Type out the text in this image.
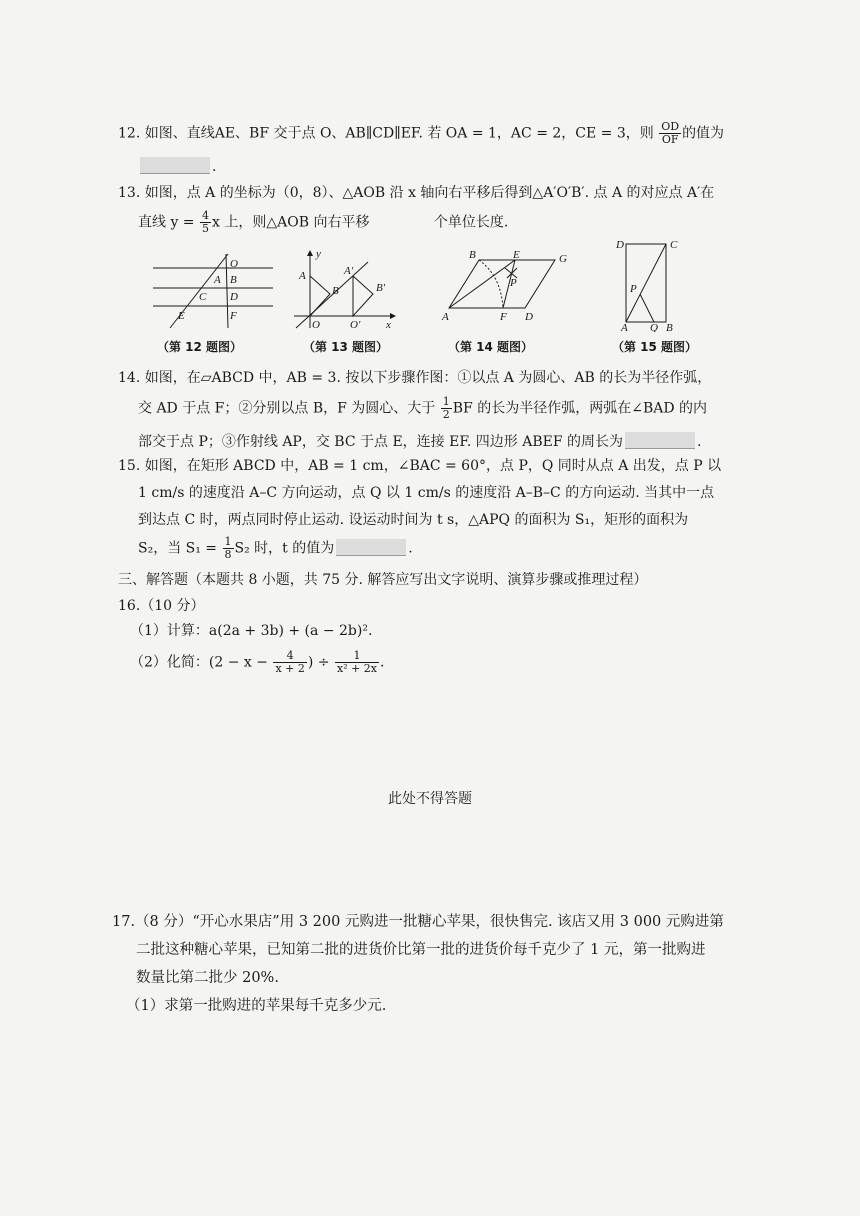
12. 如图、直线AE、BF 交于点 O、AB∥CD∥EF. 若 OA = 1，AC = 2，CE = 3，则 $\frac{OD}{OF}$ 的值为
.
13. 如图，点 A 的坐标为（0，8）、△AOB 沿 x 轴向右平移后得到△A′O′B′. 点 A 的对应点 A′在
直线 $y = \frac{4}{5}$ x 上，则△AOB 向右平移	个单位长度.
O
A B
C D
E	F
（第 12 题图）
y
A
B
A′
B′
O	O′ x
（第 13 题图）
B	E	G
P
A	F D
（第 14 题图）
D	C
P
A Q B
（第 15 题图）
14. 如图，在▱ABCD 中，AB = 3. 按以下步骤作图：①以点 A 为圆心、AB 的长为半径作弧，
交 AD 于点 F；②分别以点 B，F 为圆心、大于 $\frac{1}{2}$ BF 的长为半径作弧，两弧在∠BAD 的内
部交于点 P；③作射线 AP，交 BC 于点 E，连接 EF. 四边形 ABEF 的周长为	.
15. 如图，在矩形 ABCD 中，AB = 1 cm，∠BAC = 60°，点 P，Q 同时从点 A 出发，点 P 以
1 cm/s 的速度沿 A–C 方向运动，点 Q 以 1 cm/s 的速度沿 A–B–C 的方向运动. 当其中一点
到达点 C 时，两点同时停止运动. 设运动时间为 t s，△APQ 的面积为 S₁，矩形的面积为
S₂，当 $S_1 = \frac{1}{8} S_2$ 时，t 的值为	.
三、解答题（本题共 8 小题，共 75 分. 解答应写出文字说明、演算步骤或推理过程）
16.（10 分）
（1）计算：a(2a + 3b) + (a − 2b)².
（2）化简：($2 - x - \frac{4}{x + 2}$ ) ÷ $\frac{1}{\text{x² + 2x}}$ .
此处不得答题
17.（8 分）“开心水果店”用 3 200 元购进一批糖心苹果，很快售完. 该店又用 3 000 元购进第
二批这种糖心苹果，已知第二批的进货价比第一批的进货价每千克少了 1 元，第一批购进
数量比第二批少 20%.
（1）求第一批购进的苹果每千克多少元.
